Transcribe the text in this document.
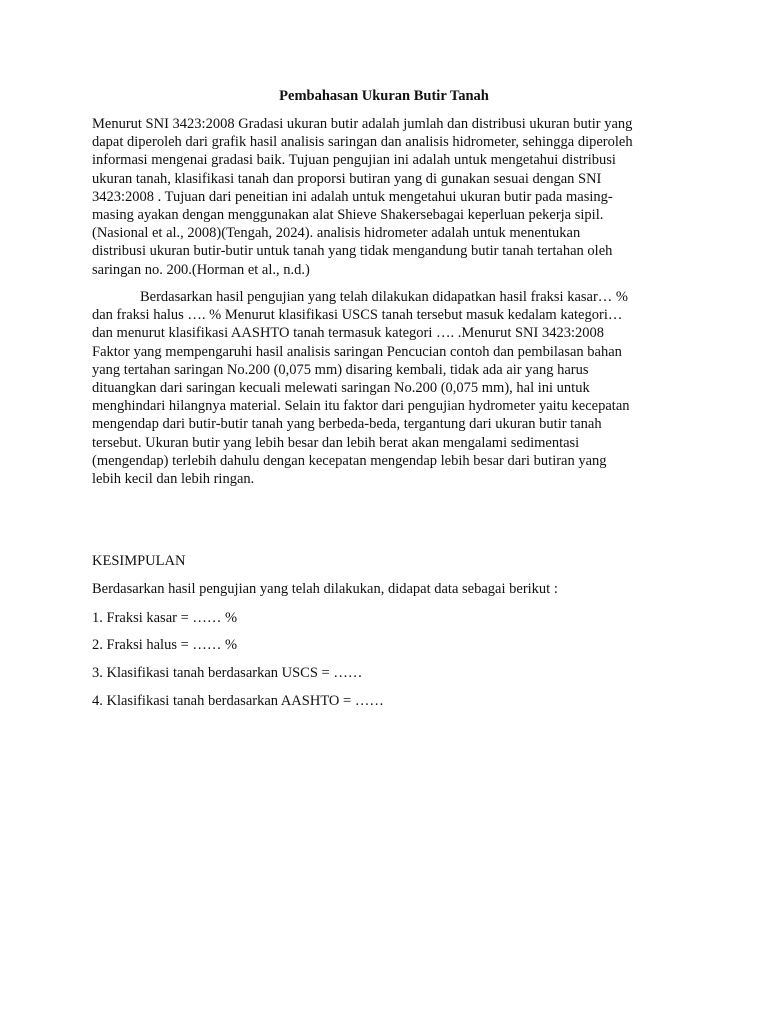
Pembahasan Ukuran Butir Tanah

Menurut SNI 3423:2008 Gradasi ukuran butir adalah jumlah dan distribusi ukuran butir yang
dapat diperoleh dari grafik hasil analisis saringan dan analisis hidrometer, sehingga diperoleh
informasi mengenai gradasi baik. Tujuan pengujian ini adalah untuk mengetahui distribusi
ukuran tanah, klasifikasi tanah dan proporsi butiran yang di gunakan sesuai dengan SNI
3423:2008 . Tujuan dari peneitian ini adalah untuk mengetahui ukuran butir pada masing-
masing ayakan dengan menggunakan alat Shieve Shakersebagai keperluan pekerja sipil.
(Nasional et al., 2008)(Tengah, 2024). analisis hidrometer adalah untuk menentukan
distribusi ukuran butir-butir untuk tanah yang tidak mengandung butir tanah tertahan oleh
saringan no. 200.(Horman et al., n.d.)

Berdasarkan hasil pengujian yang telah dilakukan didapatkan hasil fraksi kasar… %
dan fraksi halus …. % Menurut klasifikasi USCS tanah tersebut masuk kedalam kategori…
dan menurut klasifikasi AASHTO tanah termasuk kategori …. .Menurut SNI 3423:2008
Faktor yang mempengaruhi hasil analisis saringan Pencucian contoh dan pembilasan bahan
yang tertahan saringan No.200 (0,075 mm) disaring kembali, tidak ada air yang harus
dituangkan dari saringan kecuali melewati saringan No.200 (0,075 mm), hal ini untuk
menghindari hilangnya material. Selain itu faktor dari pengujian hydrometer yaitu kecepatan
mengendap dari butir-butir tanah yang berbeda-beda, tergantung dari ukuran butir tanah
tersebut. Ukuran butir yang lebih besar dan lebih berat akan mengalami sedimentasi
(mengendap) terlebih dahulu dengan kecepatan mengendap lebih besar dari butiran yang
lebih kecil dan lebih ringan.

KESIMPULAN

Berdasarkan hasil pengujian yang telah dilakukan, didapat data sebagai berikut :

1. Fraksi kasar = …… %

2. Fraksi halus = …… %

3. Klasifikasi tanah berdasarkan USCS = ……

4. Klasifikasi tanah berdasarkan AASHTO = ……
